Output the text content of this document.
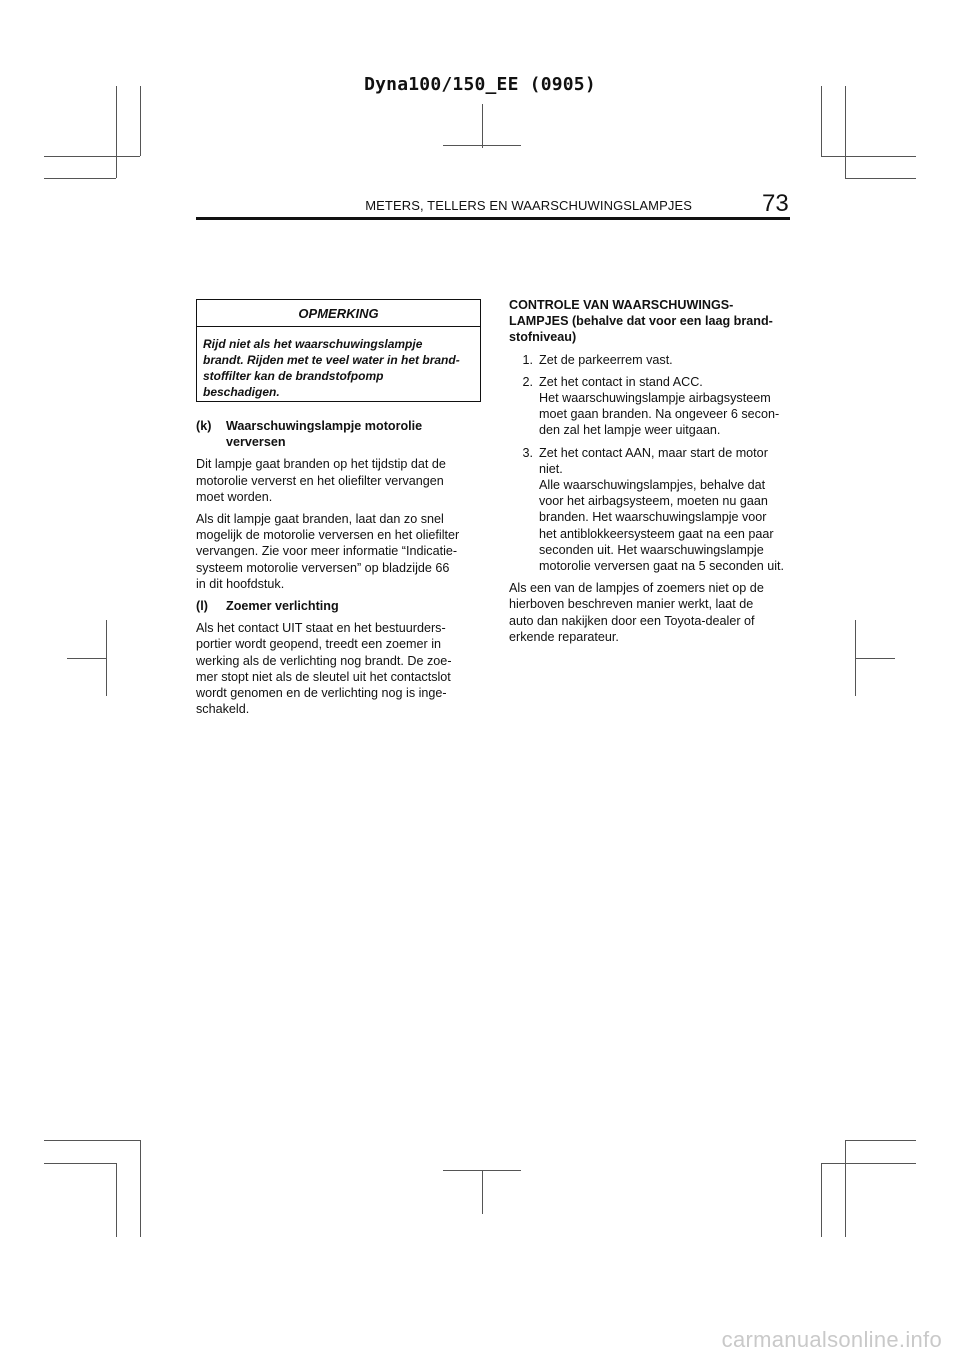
Dyna100/150_EE (0905)
METERS, TELLERS EN WAARSCHUWINGSLAMPJES	73
OPMERKING
Rijd niet als het waarschuwingslampje
brandt. Rijden met te veel water in het brand-
stoffilter kan de brandstofpomp
beschadigen.
(k)	Waarschuwingslampje motorolie
verversen

Dit lampje gaat branden op het tijdstip dat de
motorolie ververst en het oliefilter vervangen
moet worden.

Als dit lampje gaat branden, laat dan zo snel
mogelijk de motorolie verversen en het oliefilter
vervangen. Zie voor meer informatie “Indicatie-
systeem motorolie verversen” op bladzijde 66
in dit hoofdstuk.

(l)	Zoemer verlichting

Als het contact UIT staat en het bestuurders-
portier wordt geopend, treedt een zoemer in
werking als de verlichting nog brandt. De zoe-
mer stopt niet als de sleutel uit het contactslot
wordt genomen en de verlichting nog is inge-
schakeld.

CONTROLE VAN WAARSCHUWINGS-
LAMPJES (behalve dat voor een laag brand-
stofniveau)
1. Zet de parkeerrem vast.
2. Zet het contact in stand ACC.
Het waarschuwingslampje airbagsysteem
moet gaan branden. Na ongeveer 6 secon-
den zal het lampje weer uitgaan.
3. Zet het contact AAN, maar start de motor
niet.
Alle waarschuwingslampjes, behalve dat
voor het airbagsysteem, moeten nu gaan
branden. Het waarschuwingslampje voor
het antiblokkeersysteem gaat na een paar
seconden uit. Het waarschuwingslampje
motorolie verversen gaat na 5 seconden uit.

Als een van de lampjes of zoemers niet op de
hierboven beschreven manier werkt, laat de
auto dan nakijken door een Toyota-dealer of
erkende reparateur.

carmanualsonline.info
